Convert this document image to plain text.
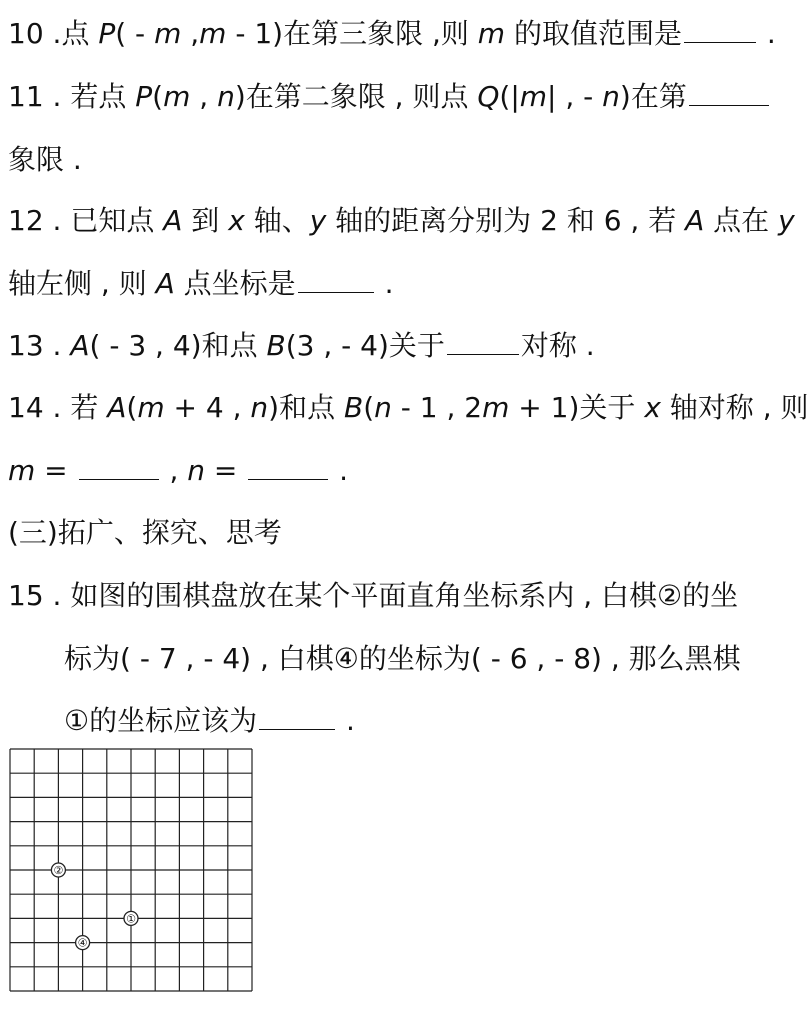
10 .点 P( - m ,m - 1)在第三象限 ,则 m 的取值范围是	.
11 . 若点 P(m , n)在第二象限 , 则点 Q(|m| , - n)在第
象限 .
12 . 已知点 A 到 x 轴、y 轴的距离分别为 2 和 6 , 若 A 点在 y
轴左侧 , 则 A 点坐标是	.
13 . A( - 3 , 4)和点 B(3 , - 4)关于	对称 .
14 . 若 A(m + 4 , n)和点 B(n - 1 , 2m + 1)关于 x 轴对称 , 则
m =	, n =	.
(三)拓广、探究、思考
15 . 如图的围棋盘放在某个平面直角坐标系内 , 白棋②的坐
标为( - 7 , - 4) , 白棋④的坐标为( - 6 , - 8) , 那么黑棋
①的坐标应该为	.
②
①
④
